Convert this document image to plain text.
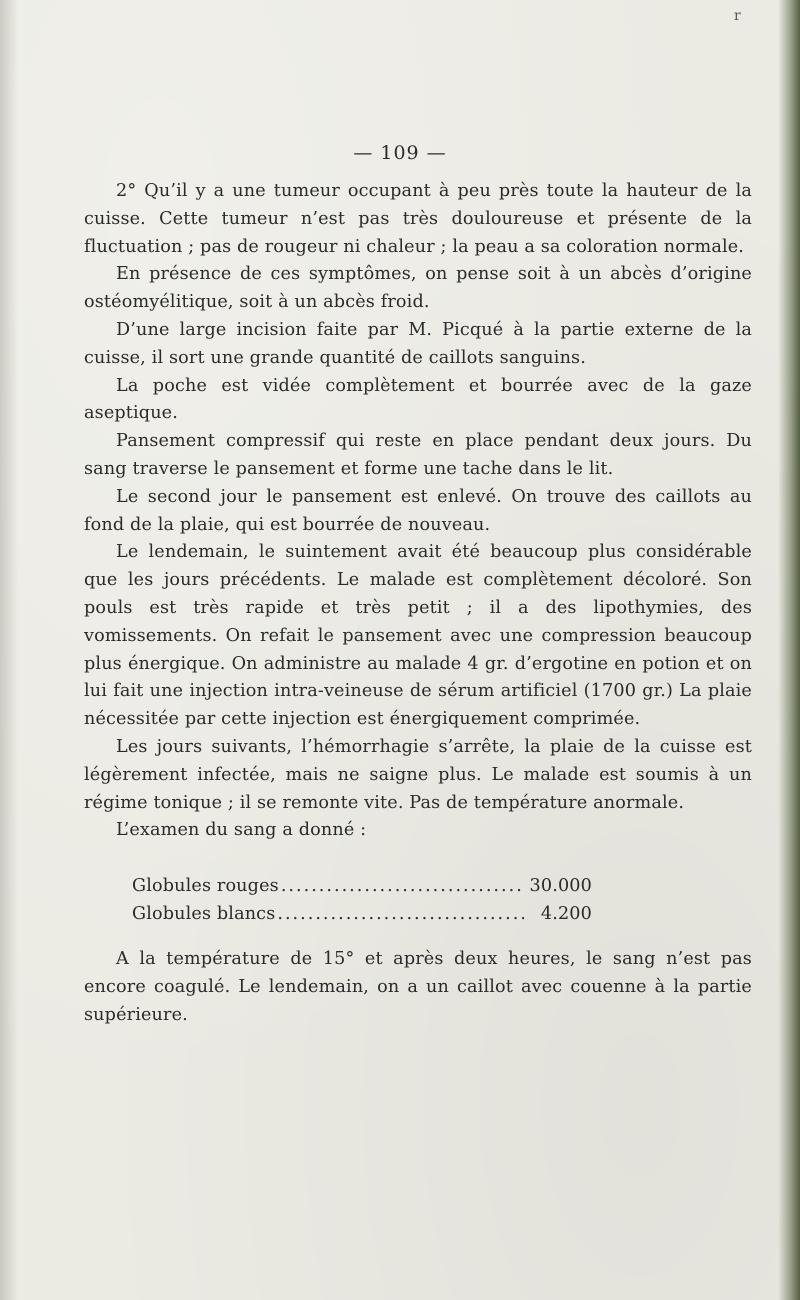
r
— 109 —

2° Qu’il y a une tumeur occupant à peu près toute la hauteur de la cuisse. Cette tumeur n’est pas très douloureuse et présente de la fluctuation ; pas de rougeur ni chaleur ; la peau a sa coloration normale.

En présence de ces symptômes, on pense soit à un abcès d’origine ostéomyélitique, soit à un abcès froid.

D’une large incision faite par M. Picqué à la partie externe de la cuisse, il sort une grande quantité de caillots sanguins.

La poche est vidée complètement et bourrée avec de la gaze aseptique.

Pansement compressif qui reste en place pendant deux jours. Du sang traverse le pansement et forme une tache dans le lit.

Le second jour le pansement est enlevé. On trouve des caillots au fond de la plaie, qui est bourrée de nouveau.

Le lendemain, le suintement avait été beaucoup plus considérable que les jours précédents. Le malade est complètement décoloré. Son pouls est très rapide et très petit ; il a des lipothymies, des vomissements. On refait le pansement avec une compression beaucoup plus énergique. On administre au malade 4 gr. d’ergotine en potion et on lui fait une injection intra-veineuse de sérum artificiel (1700 gr.) La plaie nécessitée par cette injection est énergiquement comprimée.

Les jours suivants, l’hémorrhagie s’arrête, la plaie de la cuisse est légèrement infectée, mais ne saigne plus. Le malade est soumis à un régime tonique ; il se remonte vite. Pas de température anormale.

L’examen du sang a donné :

Globules rouges .....	30.000
Globules blancs .....	4.200

A la température de 15° et après deux heures, le sang n’est pas encore coagulé. Le lendemain, on a un caillot avec couenne à la partie supérieure.
